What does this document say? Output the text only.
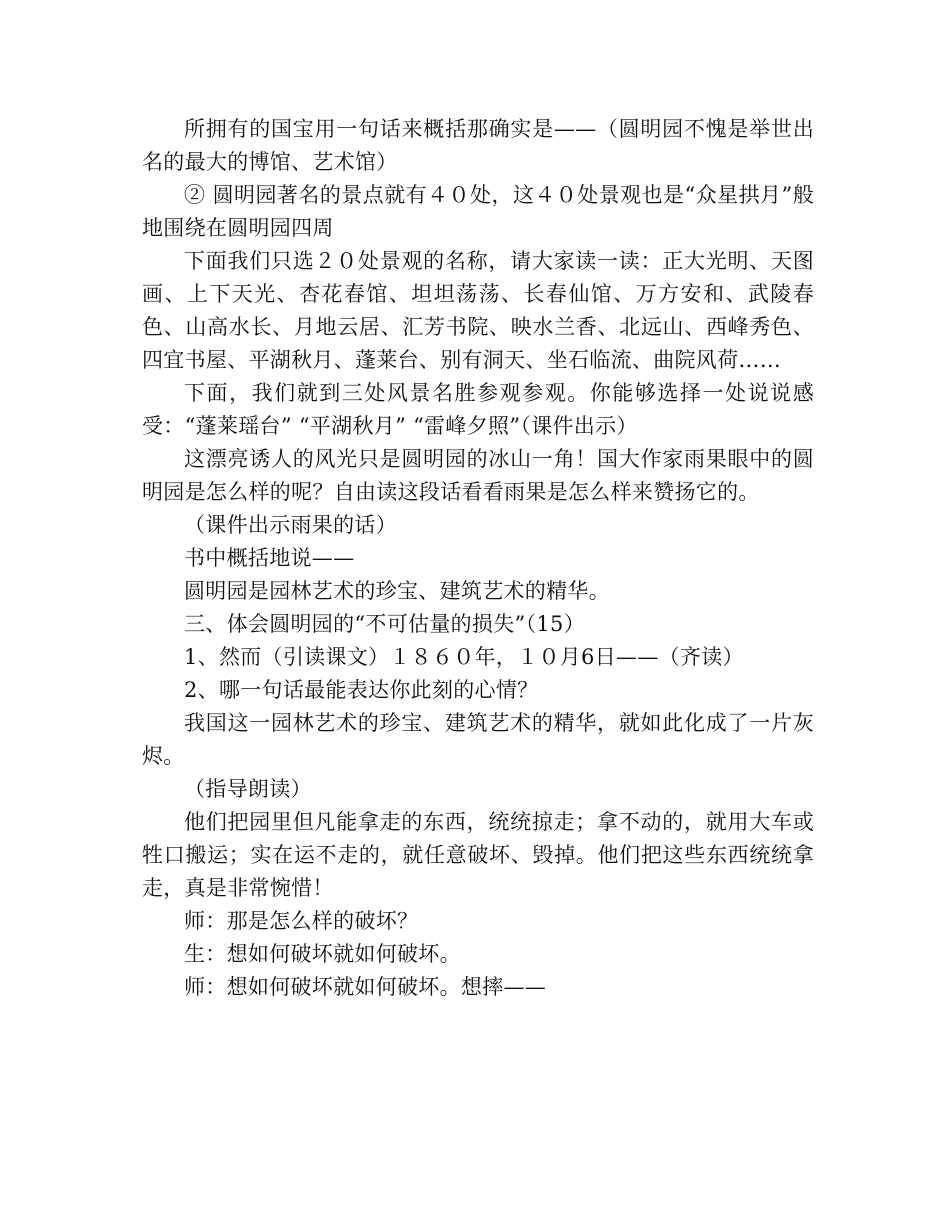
所拥有的国宝用一句话来概括那确实是——（圆明园不愧是举世出名的最大的博馆、艺术馆）

② 圆明园著名的景点就有４０处，这４０处景观也是“众星拱月”般地围绕在圆明园四周

下面我们只选２０处景观的名称，请大家读一读：正大光明、天图画、上下天光、杏花春馆、坦坦荡荡、长春仙馆、万方安和、武陵春色、山高水长、月地云居、汇芳书院、映水兰香、北远山、西峰秀色、四宜书屋、平湖秋月、蓬莱台、别有洞天、坐石临流、曲院风荷……

下面，我们就到三处风景名胜参观参观。你能够选择一处说说感受：“蓬莱瑶台” “平湖秋月” “雷峰夕照”（课件出示）

这漂亮诱人的风光只是圆明园的冰山一角！国大作家雨果眼中的圆明园是怎么样的呢？自由读这段话看看雨果是怎么样来赞扬它的。

（课件出示雨果的话）

书中概括地说——

圆明园是园林艺术的珍宝、建筑艺术的精华。

三、体会圆明园的“不可估量的损失”（15）

1、然而（引读课文）１８６０年，１０月6日——（齐读）

2、哪一句话最能表达你此刻的心情？

我国这一园林艺术的珍宝、建筑艺术的精华，就如此化成了一片灰烬。

（指导朗读）

他们把园里但凡能拿走的东西，统统掠走；拿不动的，就用大车或牲口搬运；实在运不走的，就任意破坏、毁掉。他们把这些东西统统拿走，真是非常惋惜！

师：那是怎么样的破坏？

生：想如何破坏就如何破坏。

师：想如何破坏就如何破坏。想摔——
